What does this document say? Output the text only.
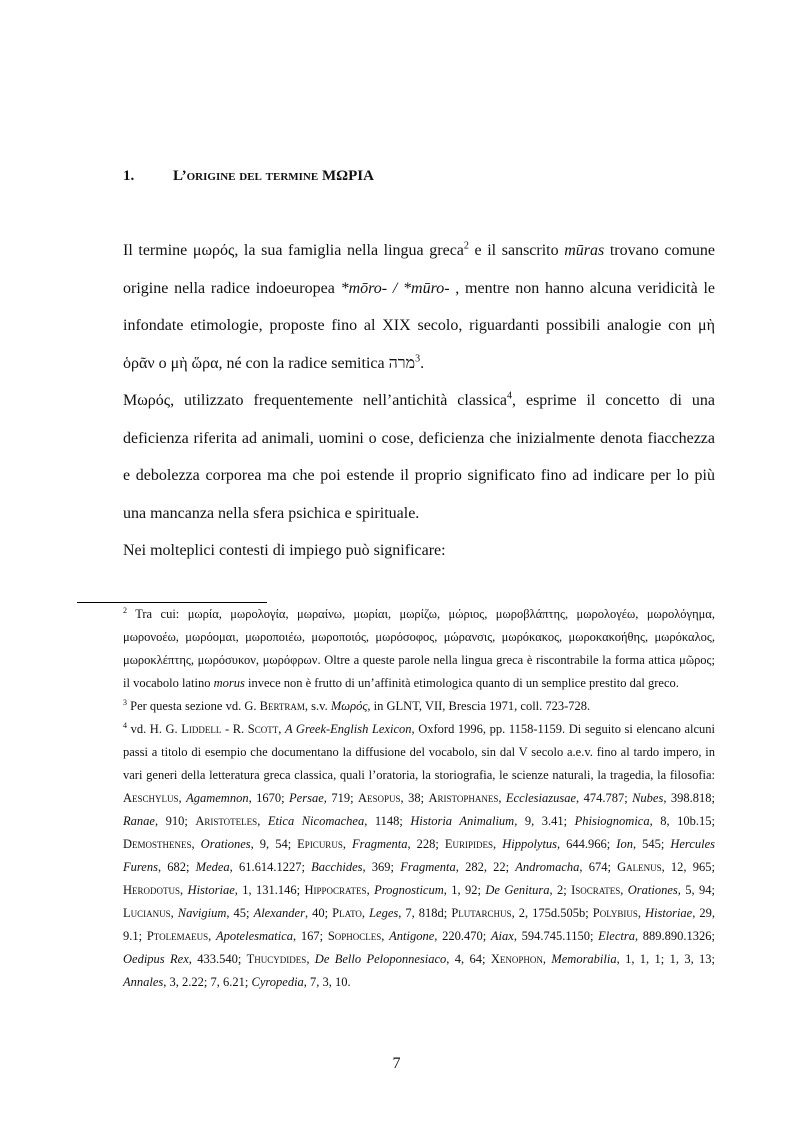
1.	L’origine del termine ΜΩΡΙΑ

Il termine μωρός, la sua famiglia nella lingua greca$^2$ e il sanscrito mūras trovano comune origine nella radice indoeuropea *mōro- / *mūro- , mentre non hanno alcuna veridicità le infondate etimologie, proposte fino al XIX secolo, riguardanti possibili analogie con μὴ ὁρᾶν o μὴ ὥρα, né con la radice semitica מרה$^3$.

Μωρός, utilizzato frequentemente nell’antichità classica$^4$, esprime il concetto di una deficienza riferita ad animali, uomini o cose, deficienza che inizialmente denota fiacchezza e debolezza corporea ma che poi estende il proprio significato fino ad indicare per lo più una mancanza nella sfera psichica e spirituale.

Nei molteplici contesti di impiego può significare:

$^2$ Tra cui: μωρία, μωρολογία, μωραίνω, μωρίαι, μωρίζω, μώριος, μωροβλάπτης, μωρολογέω, μωρολόγημα, μωρονοέω, μωρόομαι, μωροποιέω, μωροποιός, μωρόσοφος, μώρανσις, μωρόκακος, μωροκακοήθης, μωρόκαλος, μωροκλέπτης, μωρόσυκον, μωρόφρων. Oltre a queste parole nella lingua greca è riscontrabile la forma attica μῶρος; il vocabolo latino morus invece non è frutto di un’affinità etimologica quanto di un semplice prestito dal greco.

$^3$ Per questa sezione vd. G. Bertram, s.v. Μωρός, in GLNT, VII, Brescia 1971, coll. 723-728.

$^4$ vd. H. G. Liddell - R. Scott, A Greek-English Lexicon, Oxford 1996, pp. 1158-1159. Di seguito si elencano alcuni passi a titolo di esempio che documentano la diffusione del vocabolo, sin dal V secolo a.e.v. fino al tardo impero, in vari generi della letteratura greca classica, quali l’oratoria, la storiografia, le scienze naturali, la tragedia, la filosofia: Aeschylus, Agamemnon, 1670; Persae, 719; Aesopus, 38; Aristophanes, Ecclesiazusae, 474.787; Nubes, 398.818; Ranae, 910; Aristoteles, Etica Nicomachea, 1148; Historia Animalium, 9, 3.41; Phisiognomica, 8, 10b.15; Demosthenes, Orationes, 9, 54; Epicurus, Fragmenta, 228; Euripides, Hippolytus, 644.966; Ion, 545; Hercules Furens, 682; Medea, 61.614.1227; Bacchides, 369; Fragmenta, 282, 22; Andromacha, 674; Galenus, 12, 965; Herodotus, Historiae, 1, 131.146; Hippocrates, Prognosticum, 1, 92; De Genitura, 2; Isocrates, Orationes, 5, 94; Lucianus, Navigium, 45; Alexander, 40; Plato, Leges, 7, 818d; Plutarchus, 2, 175d.505b; Polybius, Historiae, 29, 9.1; Ptolemaeus, Apotelesmatica, 167; Sophocles, Antigone, 220.470; Aiax, 594.745.1150; Electra, 889.890.1326; Oedipus Rex, 433.540; Thucydides, De Bello Peloponnesiaco, 4, 64; Xenophon, Memorabilia, 1, 1, 1; 1, 3, 13; Annales, 3, 2.22; 7, 6.21; Cyropedia, 7, 3, 10.

7
